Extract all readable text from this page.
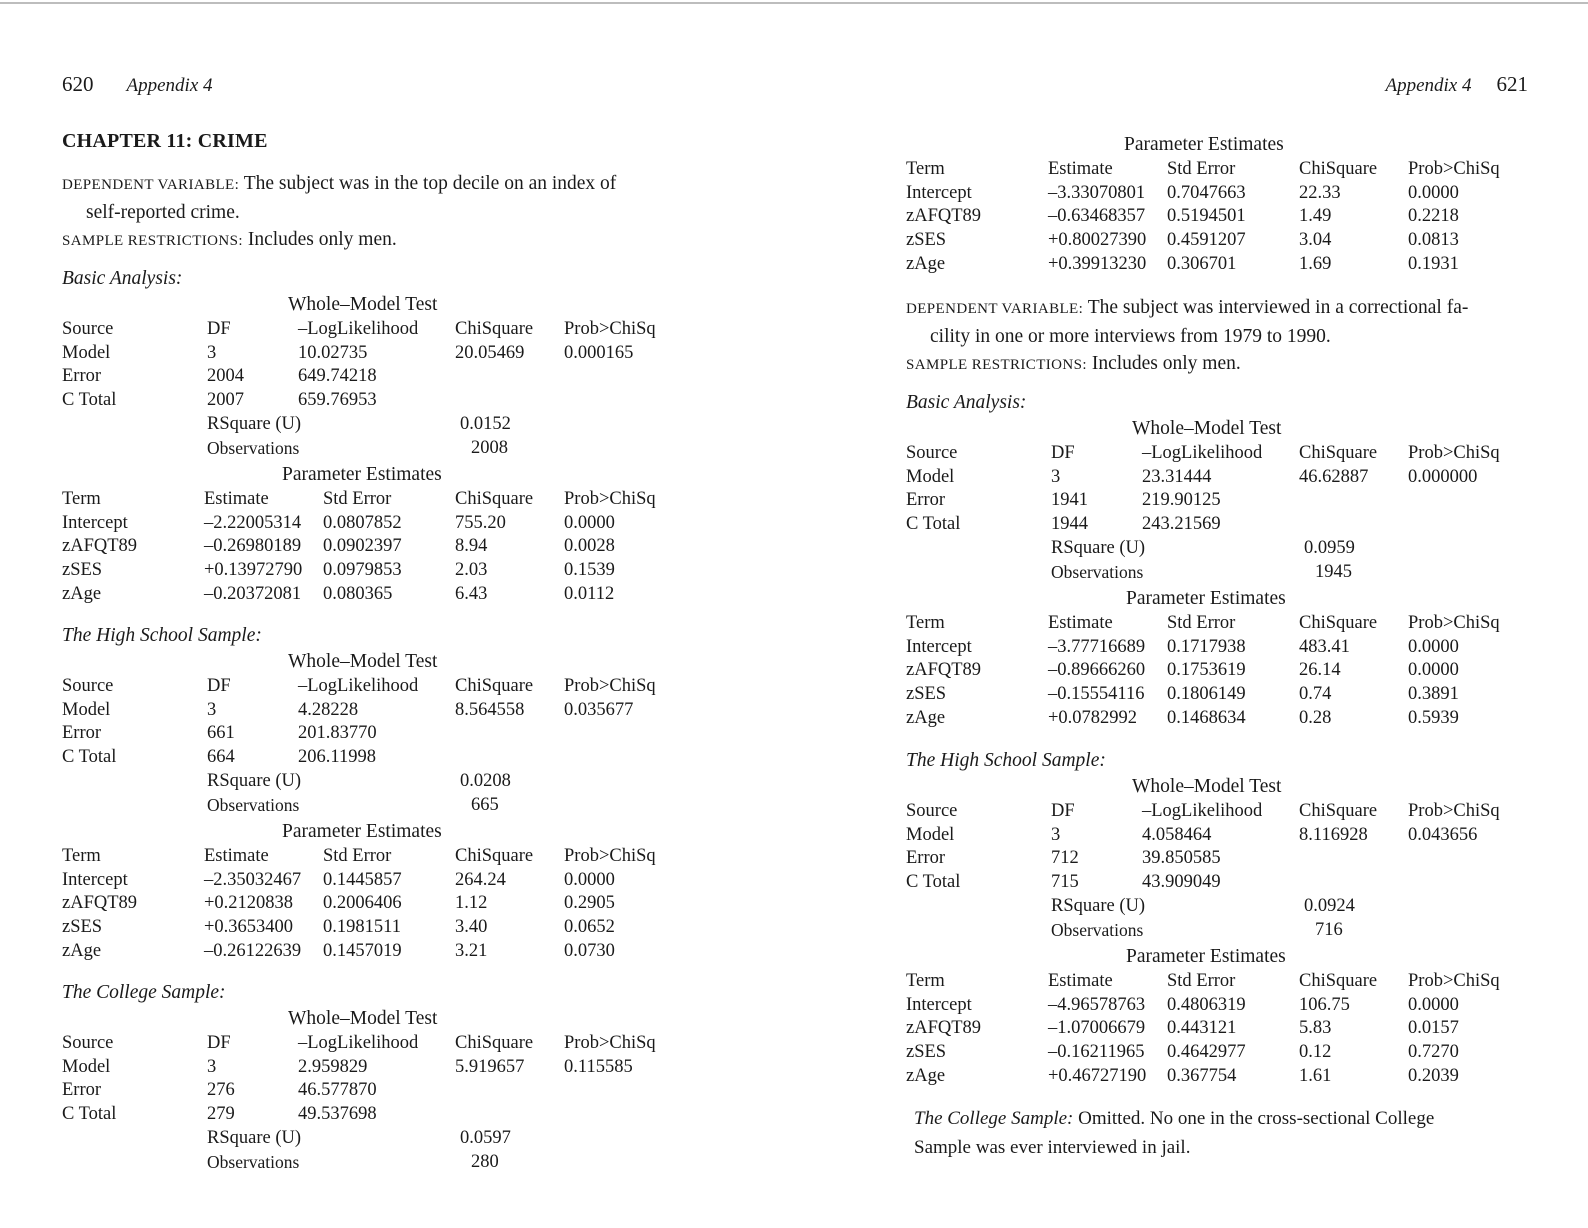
620 Appendix 4
CHAPTER 11: CRIME
DEPENDENT VARIABLE: The subject was in the top decile on an index of
self-reported crime.
SAMPLE RESTRICTIONS: Includes only men.
Basic Analysis:
Whole–Model Test
Source	DF	–LogLikelihood ChiSquare Prob>ChiSq
Model	3	10.02735	20.05469 0.000165
Error	2004	649.74218
C Total	2007	659.76953
RSquare (U)	0.0152
Observations	2008
Parameter Estimates
Term	Estimate	Std Error	ChiSquare Prob>ChiSq
Intercept	–2.22005314 0.0807852	755.20	0.0000
zAFQT89	–0.26980189 0.0902397	8.94	0.0028
zSES	+0.13972790 0.0979853	2.03	0.1539
zAge	–0.20372081 0.080365	6.43	0.0112
The High School Sample:
Whole–Model Test
Source	DF	–LogLikelihood ChiSquare Prob>ChiSq
Model	3	4.28228	8.564558 0.035677
Error	661	201.83770
C Total	664	206.11998
RSquare (U)	0.0208
Observations	665
Parameter Estimates
Term	Estimate	Std Error	ChiSquare Prob>ChiSq
Intercept	–2.35032467 0.1445857	264.24	0.0000
zAFQT89	+0.2120838 0.2006406	1.12	0.2905
zSES	+0.3653400 0.1981511	3.40	0.0652
zAge	–0.26122639 0.1457019	3.21	0.0730
The College Sample:
Whole–Model Test
Source	DF	–LogLikelihood ChiSquare Prob>ChiSq
Model	3	2.959829	5.919657 0.115585
Error	276	46.577870
C Total	279	49.537698
RSquare (U)	0.0597
Observations	280
Appendix 4 621
Parameter Estimates
Term	Estimate	Std Error	ChiSquare Prob>ChiSq
Intercept	–3.33070801 0.7047663	22.33	0.0000
zAFQT89	–0.63468357 0.5194501	1.49	0.2218
zSES	+0.80027390 0.4591207	3.04	0.0813
zAge	+0.39913230 0.306701	1.69	0.1931
DEPENDENT VARIABLE: The subject was interviewed in a correctional fa-
cility in one or more interviews from 1979 to 1990.
SAMPLE RESTRICTIONS: Includes only men.
Basic Analysis:
Whole–Model Test
Source	DF	–LogLikelihood ChiSquare Prob>ChiSq
Model	3	23.31444	46.62887 0.000000
Error	1941	219.90125
C Total	1944	243.21569
RSquare (U)	0.0959
Observations	1945
Parameter Estimates
Term	Estimate	Std Error	ChiSquare Prob>ChiSq
Intercept	–3.77716689 0.1717938	483.41	0.0000
zAFQT89	–0.89666260 0.1753619	26.14	0.0000
zSES	–0.15554116 0.1806149	0.74	0.3891
zAge	+0.0782992 0.1468634	0.28	0.5939
The High School Sample:
Whole–Model Test
Source	DF	–LogLikelihood ChiSquare Prob>ChiSq
Model	3	4.058464	8.116928 0.043656
Error	712	39.850585
C Total	715	43.909049
RSquare (U)	0.0924
Observations	716
Parameter Estimates
Term	Estimate	Std Error	ChiSquare Prob>ChiSq
Intercept	–4.96578763 0.4806319	106.75	0.0000
zAFQT89	–1.07006679 0.443121	5.83	0.0157
zSES	–0.16211965 0.4642977	0.12	0.7270
zAge	+0.46727190 0.367754	1.61	0.2039
The College Sample: Omitted. No one in the cross-sectional College
Sample was ever interviewed in jail.
